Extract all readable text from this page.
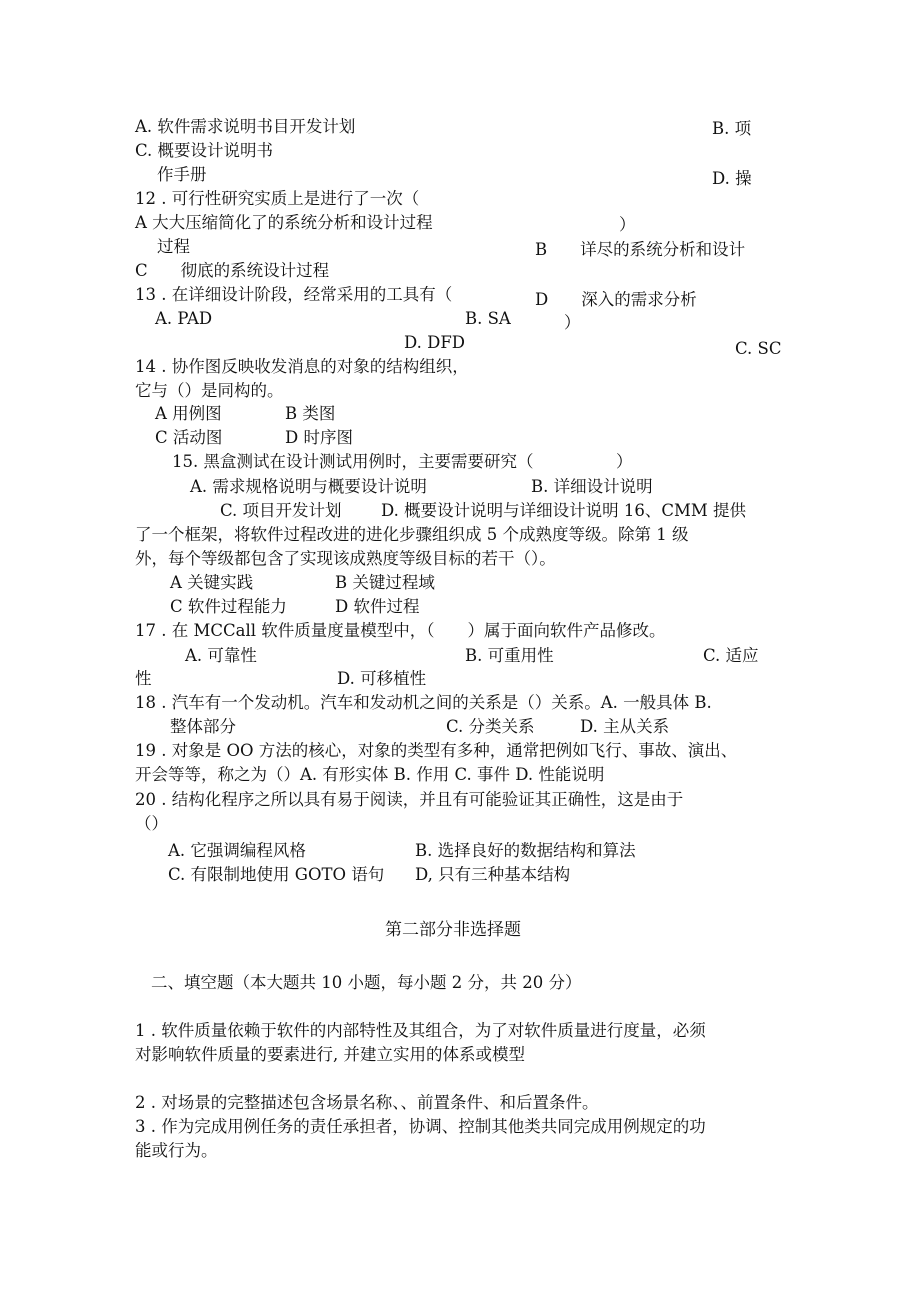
A. 软件需求说明书目开发计划	B. 项
C. 概要设计说明书
作手册	D. 操
12 . 可行性研究实质上是进行了一次（
A 大大压缩简化了的系统分析和设计过程	）
过程	B　　详尽的系统分析和设计
C　　彻底的系统设计过程
13 . 在详细设计阶段，经常采用的工具有（	D　　深入的需求分析
A. PAD	B. SA	）
D. DFD	C. SC
14 . 协作图反映收发消息的对象的结构组织，
它与（）是同构的。
A 用例图	B 类图
C 活动图	D 时序图
15. 黑盒测试在设计测试用例时，主要需要研究（　　　　　）
A. 需求规格说明与概要设计说明	B. 详细设计说明
C. 项目开发计划 D. 概要设计说明与详细设计说明 16、CMM 提供
了一个框架，将软件过程改进的进化步骤组织成 5 个成熟度等级。除第 1 级
外，每个等级都包含了实现该成熟度等级目标的若干（）。
A 关键实践	B 关键过程域
C 软件过程能力	D 软件过程
17 . 在 MCCall 软件质量度量模型中，（　　）属于面向软件产品修改。
A. 可靠性	B. 可重用性	C. 适应
性	D. 可移植性
18 . 汽车有一个发动机。汽车和发动机之间的关系是（）关系。A. 一般具体 B.
整体部分	C. 分类关系	D. 主从关系
19 . 对象是 OO 方法的核心，对象的类型有多种，通常把例如飞行、事故、演出、
开会等等，称之为（）A. 有形实体 B. 作用 C. 事件 D. 性能说明
20 . 结构化程序之所以具有易于阅读，并且有可能验证其正确性，这是由于
（）
A. 它强调编程风格	B. 选择良好的数据结构和算法
C. 有限制地使用 GOTO 语句 D, 只有三种基本结构
第二部分非选择题
二、填空题（本大题共 10 小题，每小题 2 分，共 20 分）
1 . 软件质量依赖于软件的内部特性及其组合，为了对软件质量进行度量，必须
对影响软件质量的要素进行, 并建立实用的体系或模型
2 . 对场景的完整描述包含场景名称、、前置条件、和后置条件。
3 . 作为完成用例任务的责任承担者，协调、控制其他类共同完成用例规定的功
能或行为。
